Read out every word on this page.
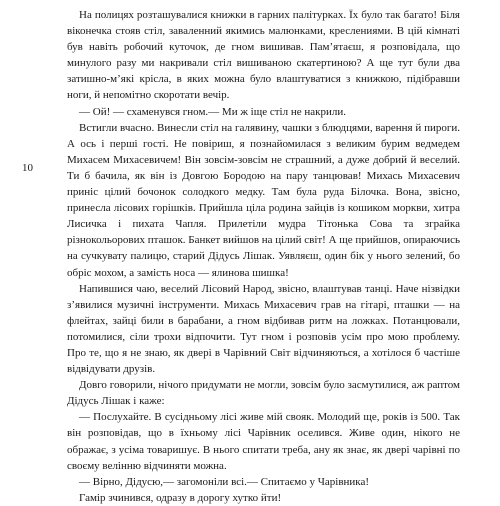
10

На полицях розташувалися книжки в гарних палітурках. Їх було так багато! Біля віконечка стояв стіл, заваленний якимись малюнками, креслениями. В цій кімнаті був навіть робочий куточок, де гном вишивав. Пам’ятаєш, я розповідала, що минулого разу ми накривали стіл вишиваною скатертиною? А ще тут були два затишно-м’які крісла, в яких можна було влаштуватися з книжкою, підібравши ноги, й непомітно скоротати вечір.

— Ой! — схаменувся гном.— Ми ж іще стіл не накрили.

Встигли вчасно. Винесли стіл на галявину, чашки з блюдцями, варення й пироги. А ось і перші гості. Не повіриш, я познайомилася з великим бурим ведмедем Михасем Михасевичем! Він зовсім-зовсім не страшний, а дуже добрий й веселий. Ти б бачила, як він із Довгою Бородою на пару танцював! Михась Михасевич приніс цілий бочонок солодкого медку. Там була руда Білочка. Вона, звісно, принесла лісових горішків. Прийшла ціла родина зайців із кошиком моркви, хитра Лисичка і пихата Чапля. Прилетіли мудра Тітонька Сова та зграйка різнокольорових пташок. Банкет вийшов на цілий світ! А ще прийшов, опираючись на сучкувату палицю, старий Дідусь Лішак. Уявляєш, один бік у нього зелений, бо обріс мохом, а замість носа — ялинова шишка!

Напившися чаю, веселий Лісовий Народ, звісно, влаштував танці. Наче нізвідки з’явилися музичні інструменти. Михась Михасевич грав на гітарі, пташки — на флейтах, зайці били в барабани, а гном відбивав ритм на ложках. Потанцювали, потомилися, сіли трохи відпочити. Тут гном і розповів усім про мою проблему. Про те, що я не знаю, як двері в Чарівний Світ відчиняються, а хотілося б частіше відвідувати друзів.

Довго говорили, нічого придумати не могли, зовсім було засмутилися, аж раптом Дідусь Лішак і каже:

— Послухайте. В сусідньому лісі живе мій свояк. Молодий ще, років із 500. Так він розповідав, що в їхньому лісі Чарівник оселився. Живе один, нікого не ображає, з усіма товаришує. В нього спитати треба, ану як знає, як двері чарівні по своєму велінню відчиняти можна.

— Вірно, Дідусю,— загомоніли всі.— Спитаємо у Чарівника!

Гамір зчинився, одразу в дорогу хутко йти!
